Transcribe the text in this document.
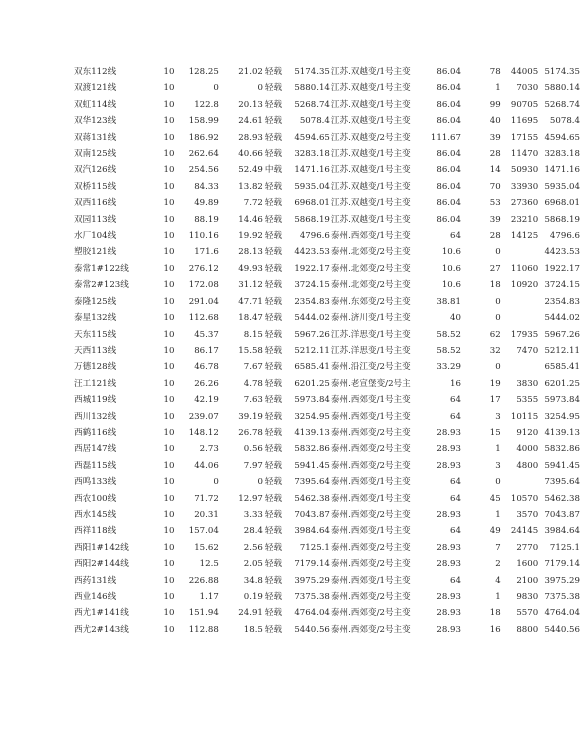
双东112线	10	128.25	21.02	轻载	5174.35	江苏.双越变/1号主变	86.04	78	44005	5174.35
双渡121线	10	0	0	轻载	5880.14	江苏.双越变/1号主变	86.04	1	7030	5880.14
双虹114线	10	122.8	20.13	轻载	5268.74	江苏.双越变/1号主变	86.04	99	90705	5268.74
双华123线	10	158.99	24.61	轻载	5078.4	江苏.双越变/1号主变	86.04	40	11695	5078.4
双蒋131线	10	186.92	28.93	轻载	4594.65	江苏.双越变/2号主变	111.67	39	17155	4594.65
双南125线	10	262.64	40.66	轻载	3283.18	江苏.双越变/1号主变	86.04	28	11470	3283.18
双汽126线	10	254.56	52.49	中载	1471.16	江苏.双越变/1号主变	86.04	14	50930	1471.16
双桥115线	10	84.33	13.82	轻载	5935.04	江苏.双越变/1号主变	86.04	70	33930	5935.04
双西116线	10	49.89	7.72	轻载	6968.01	江苏.双越变/1号主变	86.04	53	27360	6968.01
双园113线	10	88.19	14.46	轻载	5868.19	江苏.双越变/1号主变	86.04	39	23210	5868.19
水厂104线	10	110.16	19.92	轻载	4796.6	泰州.西郊变/1号主变	64	28	14125	4796.6
塑胶121线	10	171.6	28.13	轻载	4423.53	泰州.北郊变/2号主变	10.6	0		4423.53
泰常1#122线	10	276.12	49.93	轻载	1922.17	泰州.北郊变/2号主变	10.6	27	11060	1922.17
泰常2#123线	10	172.08	31.12	轻载	3724.15	泰州.北郊变/2号主变	10.6	18	10920	3724.15
泰隆125线	10	291.04	47.71	轻载	2354.83	泰州.东郊变/2号主变	38.81	0		2354.83
泰星132线	10	112.68	18.47	轻载	5444.02	泰州.济川变/1号主变	40	0		5444.02
天东115线	10	45.37	8.15	轻载	5967.26	江苏.洋思变/1号主变	58.52	62	17935	5967.26
天西113线	10	86.17	15.58	轻载	5212.11	江苏.洋思变/1号主变	58.52	32	7470	5212.11
万德128线	10	46.78	7.67	轻载	6585.41	泰州.沿江变/2号主变	33.29	0		6585.41
汪工121线	10	26.26	4.78	轻载	6201.25	泰州.老宣堡变/2号主	16	19	3830	6201.25
西城119线	10	42.19	7.63	轻载	5973.84	泰州.西郊变/1号主变	64	17	5355	5973.84
西川132线	10	239.07	39.19	轻载	3254.95	泰州.西郊变/1号主变	64	3	10115	3254.95
西鹤116线	10	148.12	26.78	轻载	4139.13	泰州.西郊变/2号主变	28.93	15	9120	4139.13
西居147线	10	2.73	0.56	轻载	5832.86	泰州.西郊变/2号主变	28.93	1	4000	5832.86
西磊115线	10	44.06	7.97	轻载	5941.45	泰州.西郊变/2号主变	28.93	3	4800	5941.45
西鸣133线	10	0	0	轻载	7395.64	泰州.西郊变/1号主变	64	0		7395.64
西农100线	10	71.72	12.97	轻载	5462.38	泰州.西郊变/1号主变	64	45	10570	5462.38
西水145线	10	20.31	3.33	轻载	7043.87	泰州.西郊变/2号主变	28.93	1	3570	7043.87
西祥118线	10	157.04	28.4	轻载	3984.64	泰州.西郊变/1号主变	64	49	24145	3984.64
西阳1#142线	10	15.62	2.56	轻载	7125.1	泰州.西郊变/2号主变	28.93	7	2770	7125.1
西阳2#144线	10	12.5	2.05	轻载	7179.14	泰州.西郊变/2号主变	28.93	2	1600	7179.14
西药131线	10	226.88	34.8	轻载	3975.29	泰州.西郊变/1号主变	64	4	2100	3975.29
西业146线	10	1.17	0.19	轻载	7375.38	泰州.西郊变/2号主变	28.93	1	9830	7375.38
西尤1#141线	10	151.94	24.91	轻载	4764.04	泰州.西郊变/2号主变	28.93	18	5570	4764.04
西尤2#143线	10	112.88	18.5	轻载	5440.56	泰州.西郊变/2号主变	28.93	16	8800	5440.56
